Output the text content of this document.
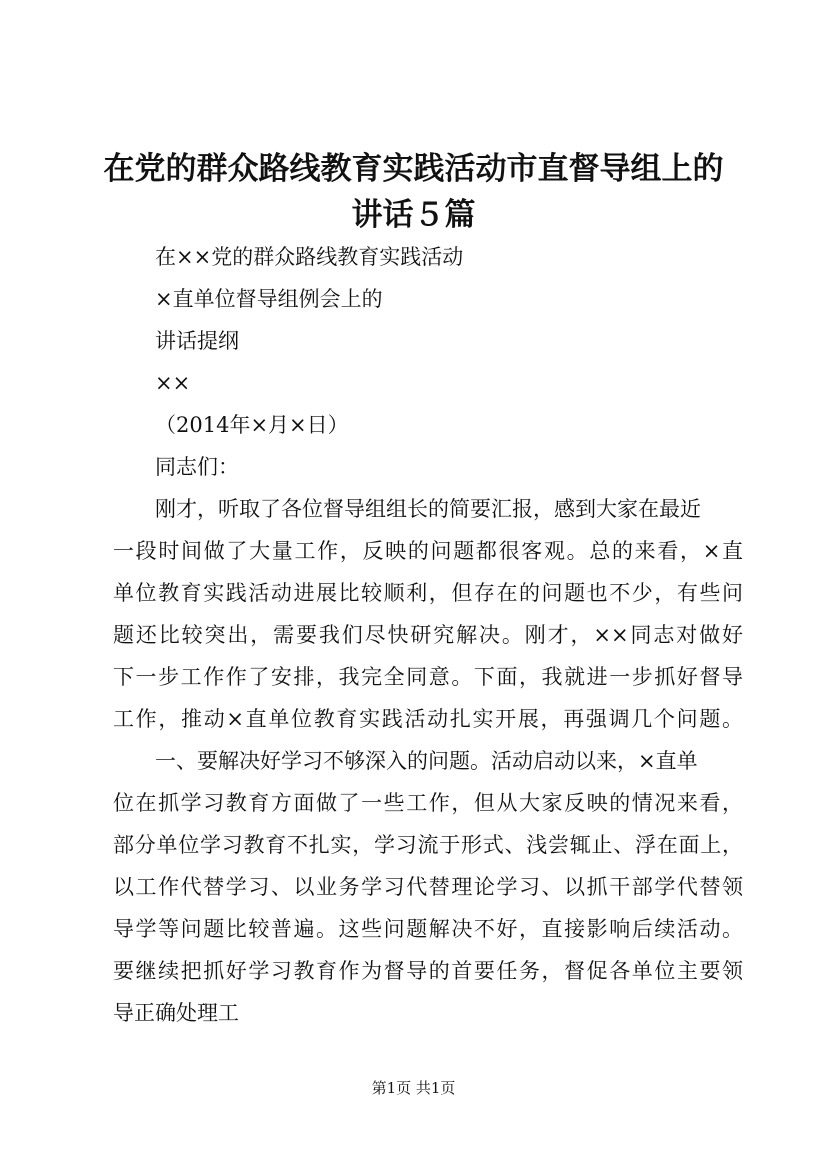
在党的群众路线教育实践活动市直督导组上的
讲话５篇
在××党的群众路线教育实践活动
×直单位督导组例会上的
讲话提纲
××
（2014年×月×日）
同志们：
刚才，听取了各位督导组组长的简要汇报，感到大家在最近
一段时间做了大量工作，反映的问题都很客观。总的来看，×直
单位教育实践活动进展比较顺利，但存在的问题也不少，有些问
题还比较突出，需要我们尽快研究解决。刚才，××同志对做好
下一步工作作了安排，我完全同意。下面，我就进一步抓好督导
工作，推动×直单位教育实践活动扎实开展，再强调几个问题。
一、要解决好学习不够深入的问题。活动启动以来，×直单
位在抓学习教育方面做了一些工作，但从大家反映的情况来看，
部分单位学习教育不扎实，学习流于形式、浅尝辄止、浮在面上，
以工作代替学习、以业务学习代替理论学习、以抓干部学代替领
导学等问题比较普遍。这些问题解决不好，直接影响后续活动。
要继续把抓好学习教育作为督导的首要任务，督促各单位主要领
导正确处理工
第1页 共1页
